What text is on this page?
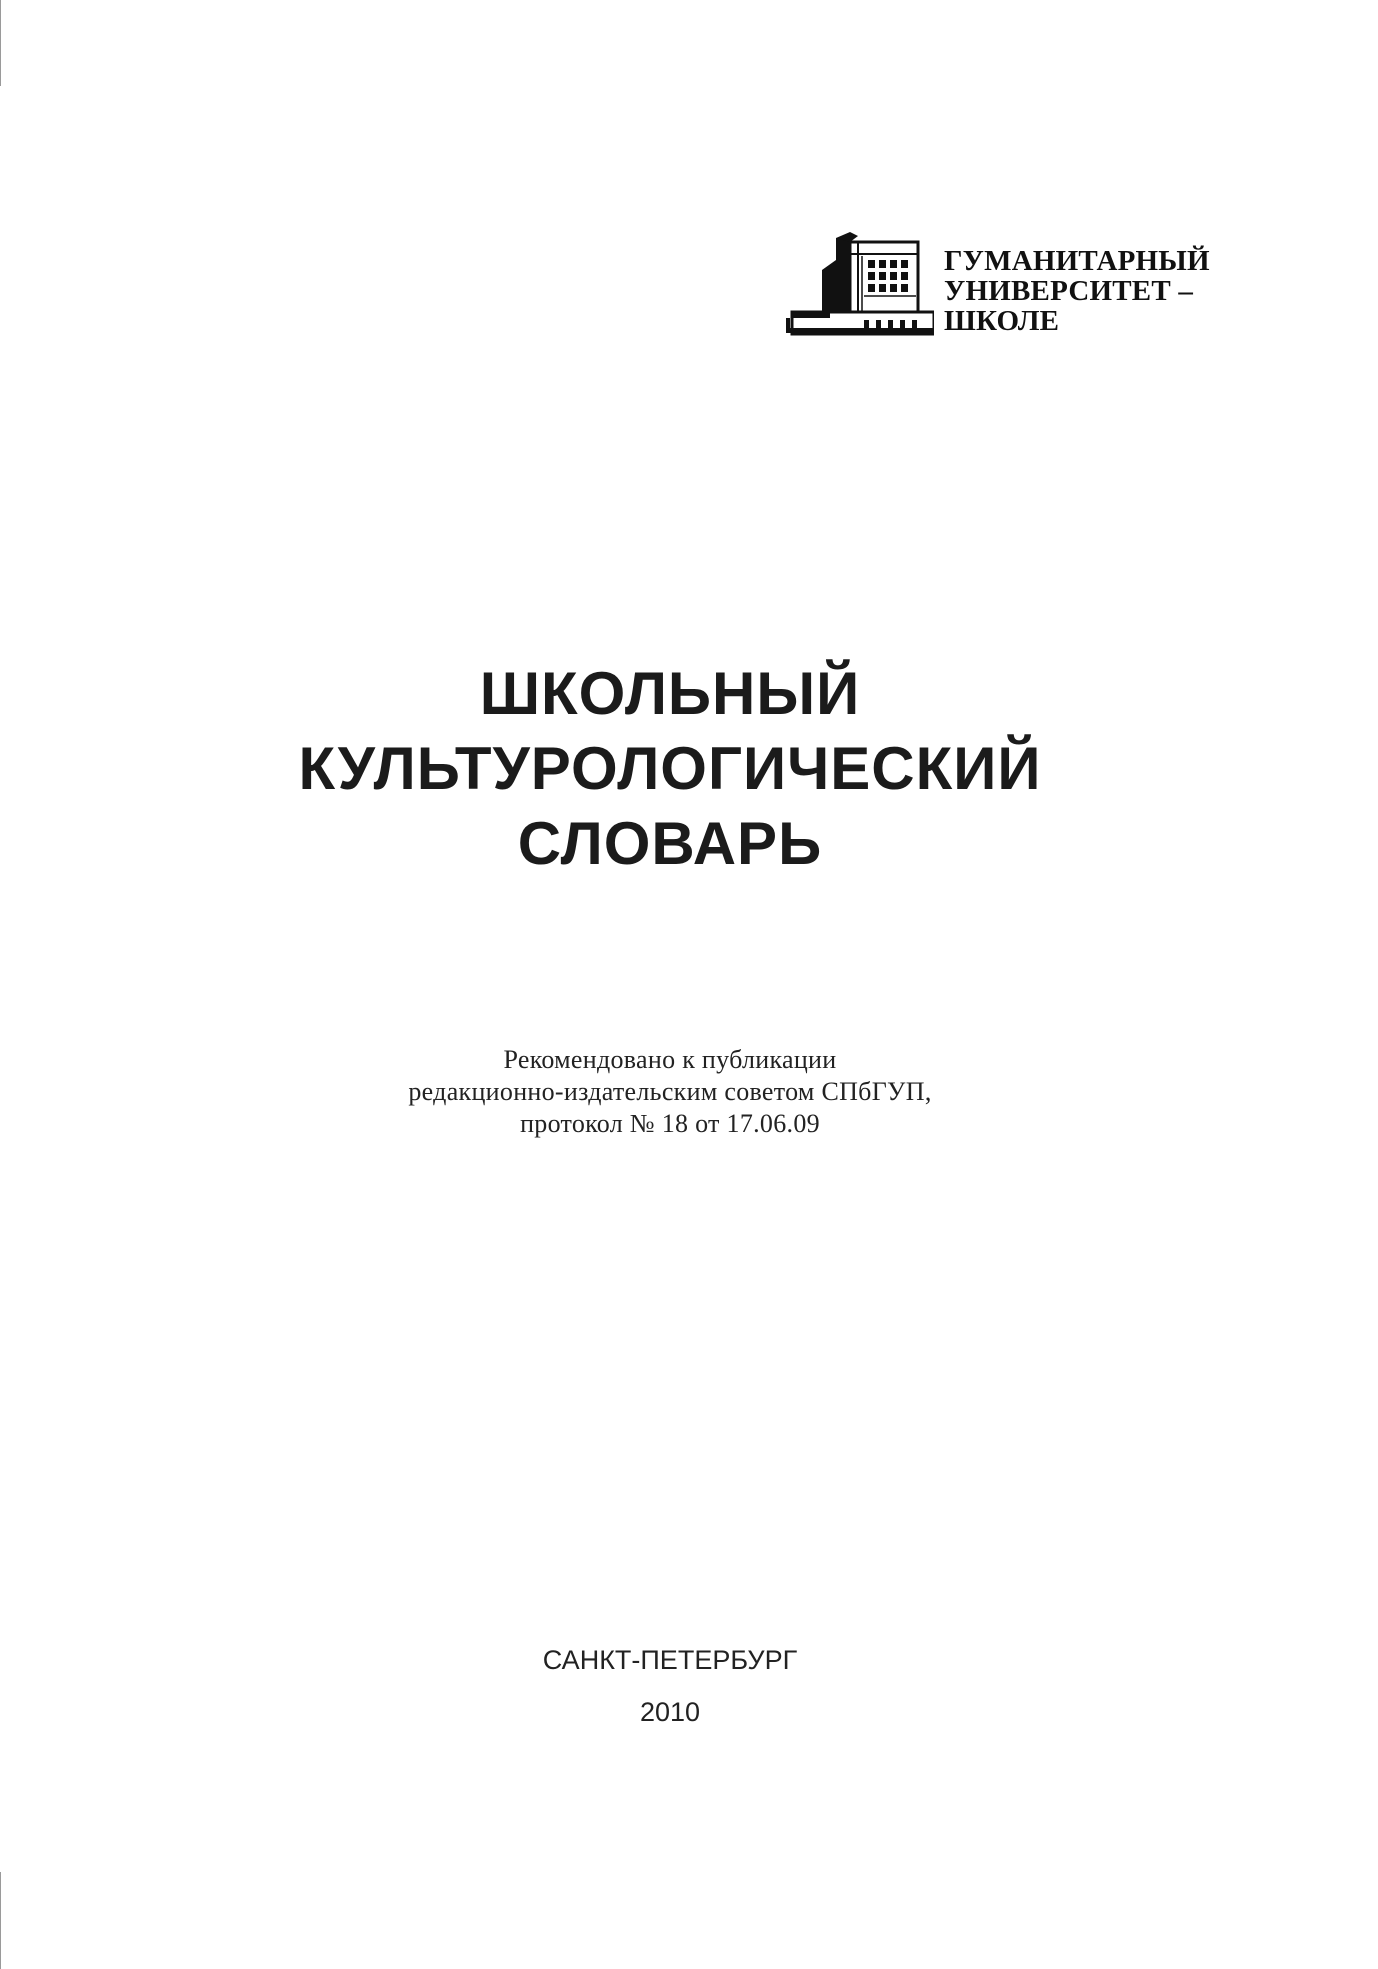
ГУМАНИТАРНЫЙ
УНИВЕРСИТЕТ –
ШКОЛЕ
ШКОЛЬНЫЙ
КУЛЬТУРОЛОГИЧЕСКИЙ
СЛОВАРЬ
Рекомендовано к публикации
редакционно-издательским советом СПбГУП,
протокол № 18 от 17.06.09
САНКТ-ПЕТЕРБУРГ
2010
